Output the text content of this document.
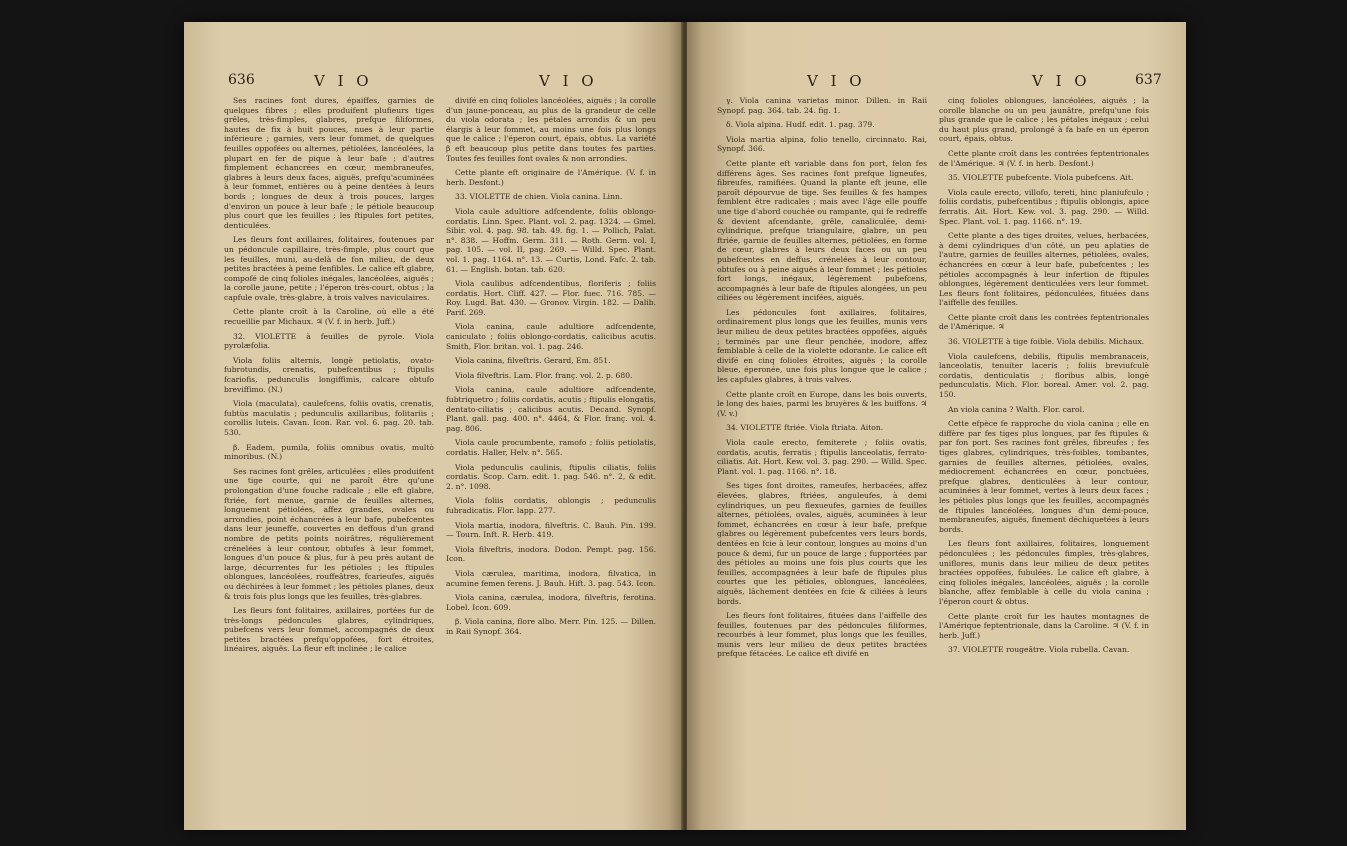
636	V I O	V I O

Ses racines font dures, épaiffes, garnies de quelques fibres ; elles produifent plufieurs tiges grêles, très-fimples, glabres, prefque filiformes, hautes de fix à huit pouces, nues à leur partie inférieure ; garnies, vers leur fommet, de quelques feuilles oppofées ou alternes, pétiolées, lancéolées, la plupart en fer de pique à leur bafe ; d'autres fimplement échancrées en cœur, membraneufes, glabres à leurs deux faces, aiguës, prefqu'acuminées à leur fommet, entières ou à peine dentées à leurs bords ; longues de deux à trois pouces, larges d'environ un pouce à leur bafe ; le pétiole beaucoup plus court que les feuilles ; les ftipules fort petites, denticulées.

Les fleurs font axillaires, folitaires, foutenues par un pédoncule capillaire, très-fimple, plus court que les feuilles, muni, au-delà de fon milieu, de deux petites bractées à peine fenfibles. Le calice eft glabre, compofé de cinq folioles inégales, lancéolées, aiguës ; la corolle jaune, petite ; l'éperon très-court, obtus ; la capfule ovale, très-glabre, à trois valves naviculaires.

Cette plante croît à la Caroline, où elle a été recueillie par Michaux. ♃ (V. f. in herb. Juff.)

32. VIOLETTE à feuilles de pyrole. Viola pyrolæfolia.

Viola foliis alternis, longè petiolatis, ovato-fubrotundis, crenatis, pubefcentibus ; ftipulis fcariofis, pedunculis longiffimis, calcare obtufo breviffimo. (N.)

Viola (maculata), caulefcens, foliis ovatis, crenatis, fubtùs maculatis ; pedunculis axillaribus, folitariis ; corollis luteis. Cavan. Icon. Rar. vol. 6. pag. 20. tab. 530.

β. Eadem, pumila, foliis omnibus ovatis, multò minoribus. (N.)

Ses racines font grêles, articulées ; elles produifent une tige courte, qui ne paroît être qu'une prolongation d'une fouche radicale ; elle eft glabre, ftriée, fort menue, garnie de feuilles alternes, longuement pétiolées, affez grandes, ovales ou arrondies, point échancrées à leur bafe, pubefcentes dans leur jeuneffe, couvertes en deffous d'un grand nombre de petits points noirâtres, régulièrement crénelées à leur contour, obtufes à leur fommet, longues d'un pouce & plus, fur à peu près autant de large, décurrentes fur les pétioles ; les ftipules oblongues, lancéolées, rouffeâtres, fcarieufes, aiguës ou déchirées à leur fommet ; les pétioles planes, deux & trois fois plus longs que les feuilles, très-glabres.

Les fleurs font folitaires, axillaires, portées fur de très-longs pédoncules glabres, cylindriques, pubefcens vers leur fommet, accompagnés de deux petites bractées prefqu'oppofées, fort étroites, linéaires, aiguës. La fleur eft inclinée ; le calice

divifé en cinq folioles lancéolées, aiguës ; la corolle d'un jaune-ponceau, au plus de la grandeur de celle du viola odorata ; les pétales arrondis & un peu élargis à leur fommet, au moins une fois plus longs que le calice ; l'éperon court, épais, obtus. La variété β eft beaucoup plus petite dans toutes fes parties. Toutes fes feuilles font ovales & non arrondies.

Cette plante eft originaire de l'Amérique. (V. f. in herb. Desfont.)

33. VIOLETTE de chien. Viola canina. Linn.

Viola caule adultiore adfcendente, foliis oblongo-cordatis. Linn. Spec. Plant. vol. 2. pag. 1324. — Gmel. Sibir. vol. 4. pag. 98. tab. 49. fig. 1. — Pollich, Palat. n°. 838. — Hoffm. Germ. 311. — Roth. Germ. vol. I, pag. 105. — vol. II, pag. 269. — Willd. Spec. Plant. vol. 1. pag. 1164. n°. 13. — Curtis, Lond. Fafc. 2. tab. 61. — English. botan. tab. 620.

Viola caulibus adfcendentibus, floriferis ; foliis cordatis. Hort. Cliff. 427. — Flor. fuec. 716. 785. — Roy. Lugd. Bat. 430. — Gronov. Virgin. 182. — Dalib. Parif. 269.

Viola canina, caule adultiore adfcendente, caniculato ; foliis oblongo-cordatis, calicibus acutis. Smith, Flor. britan. vol. 1. pag. 246.

Viola canina, filveftris. Gerard, Em. 851.

Viola filveftris. Lam. Flor. franç. vol. 2. p. 680.

Viola canina, caule adultiore adfcendente, fubtriquetro ; foliis cordatis, acutis ; ftipulis elongatis, dentato-ciliatis ; calicibus acutis. Decand. Synopf. Plant. gall. pag. 400. n°. 4464, & Flor. franç. vol. 4. pag. 806.

Viola caule procumbente, ramofo ; foliis petiolatis, cordatis. Haller, Helv. n°. 565.

Viola pedunculis caulinis, ftipulis ciliatis, foliis cordatis. Scop. Carn. edit. 1. pag. 546. n°. 2, & edit. 2. n°. 1098.

Viola foliis cordatis, oblongis ; pedunculis fubradicatis. Flor. lapp. 277.

Viola martia, inodora, filveftris. C. Bauh. Pin. 199. — Tourn. Inft. R. Herb. 419.

Viola filveftris, inodora. Dodon. Pempt. pag. 156. Icon.

Viola cærulea, maritima, inodora, filvatica, in acumine femen ferens. J. Bauh. Hift. 3. pag. 543. Icon.

Viola canina, cærulea, inodora, filveftris, ferotina. Lobel. Icon. 609.

β. Viola canina, flore albo. Merr. Pin. 125. — Dillen. in Raii Synopf. 364.

V I O	V I O	637

γ. Viola canina varietas minor. Dillen. in Raii Synopf. pag. 364. tab. 24. fig. 1.

δ. Viola alpina. Hudf. edit. 1. pag. 379.

Viola martia alpina, folio tenello, circinnato. Rai, Synopf. 366.

Cette plante eft variable dans fon port, felon fes différens âges. Ses racines font prefque ligneufes, fibreufes, ramifiées. Quand la plante eft jeune, elle paroît dépourvue de tige. Ses feuilles & fes hampes femblent être radicales ; mais avec l'âge elle pouffe une tige d'abord couchée ou rampante, qui fe redreffe & devient afcendante, grêle, canaliculée, demi-cylindrique, prefque triangulaire, glabre, un peu ftriée, garnie de feuilles alternes, pétiolées, en forme de cœur, glabres à leurs deux faces ou un peu pubefcentes en deffus, crénelées à leur contour, obtufes ou à peine aiguës à leur fommet ; les pétioles fort longs, inégaux, légèrement pubefcens, accompagnés à leur bafe de ftipules alongées, un peu ciliées ou légèrement incifées, aiguës.

Les pédoncules font axillaires, folitaires, ordinairement plus longs que les feuilles, munis vers leur milieu de deux petites bractées oppofées, aiguës ; terminés par une fleur penchée, inodore, affez femblable à celle de la violette odorante. Le calice eft divifé en cinq folioles étroites, aiguës ; la corolle bleue, éperonée, une fois plus longue que le calice ; les capfules glabres, à trois valves.

Cette plante croît en Europe, dans les bois ouverts, le long des haies, parmi les bruyères & les buiffons. ♃ (V. v.)

34. VIOLETTE ftriée. Viola ftriata. Aiton.

Viola caule erecto, femiterete ; foliis ovatis, cordatis, acutis, ferratis ; ftipulis lanceolatis, ferrato-ciliatis. Ait. Hort. Kew. vol. 3. pag. 290. — Willd. Spec. Plant. vol. 1. pag. 1166. n°. 18.

Ses tiges font droites, rameufes, herbacées, affez élevées, glabres, ftriées, anguleufes, à demi cylindriques, un peu flexueufes, garnies de feuilles alternes, pétiolées, ovales, aiguës, acuminées à leur fommet, échancrées en cœur à leur bafe, prefque glabres ou légèrement pubefcentes vers leurs bords, dentées en fcie à leur contour, longues au moins d'un pouce & demi, fur un pouce de large ; fupportées par des pétioles au moins une fois plus courts que les feuilles, accompagnées à leur bafe de ftipules plus courtes que les pétioles, oblongues, lancéolées, aiguës, lâchement dentées en fcie & ciliées à leurs bords.

Les fleurs font folitaires, fituées dans l'aiffelle des feuilles, foutenues par des pédoncules filiformes, recourbés à leur fommet, plus longs que les feuilles, munis vers leur milieu de deux petites bractées prefque fétacées. Le calice eft divifé en

cinq folioles oblongues, lancéolées, aiguës ; la corolle blanche ou un peu jaunâtre, prefqu'une fois plus grande que le calice ; les pétales inégaux ; celui du haut plus grand, prolongé à fa bafe en un éperon court, épais, obtus.

Cette plante croît dans les contrées feptentrionales de l'Amérique. ♃ (V. f. in herb. Desfont.)

35. VIOLETTE pubefcente. Viola pubefcens. Ait.

Viola caule erecto, villofo, tereti, hinc planiufculo ; foliis cordatis, pubefcentibus ; ftipulis oblongis, apice ferratis. Ait. Hort. Kew. vol. 3. pag. 290. — Willd. Spec. Plant. vol. 1. pag. 1166. n°. 19.

Cette plante a des tiges droites, velues, herbacées, à demi cylindriques d'un côté, un peu aplaties de l'autre, garnies de feuilles alternes, pétiolées, ovales, échancrées en cœur à leur bafe, pubefcentes ; les pétioles accompagnés à leur infertion de ftipules oblongues, légèrement denticulées vers leur fommet. Les fleurs font folitaires, pédonculées, fituées dans l'aiffelle des feuilles.

Cette plante croît dans les contrées feptentrionales de l'Amérique. ♃

36. VIOLETTE à tige foible. Viola debilis. Michaux.

Viola caulefcens, debilis, ftipulis membranaceis, lanceolatis, tenuiter laceris ; foliis breviufculè cordatis, denticulatis ; floribus albis, longè pedunculatis. Mich. Flor. boreal. Amer. vol. 2. pag. 150.

An viola canina ? Walth. Flor. carol.

Cette efpèce fe rapproche du viola canina ; elle en diffère par fes tiges plus longues, par fes ftipules & par fon port. Ses racines font grêles, fibreufes ; fes tiges glabres, cylindriques, très-foibles, tombantes, garnies de feuilles alternes, pétiolées, ovales, médiocrement échancrées en cœur, ponctuées, prefque glabres, denticulées à leur contour, acuminées à leur fommet, vertes à leurs deux faces ; les pétioles plus longs que les feuilles, accompagnés de ftipules lancéolées, longues d'un demi-pouce, membraneufes, aiguës, finement déchiquetées à leurs bords.

Les fleurs font axillaires, folitaires, longuement pédonculées ; les pédoncules fimples, très-glabres, uniflores, munis dans leur milieu de deux petites bractées oppofées, fubulées. Le calice eft glabre, à cinq folioles inégales, lancéolées, aiguës ; la corolle blanche, affez femblable à celle du viola canina ; l'éperon court & obtus.

Cette plante croît fur les hautes montagnes de l'Amérique feptentrionale, dans la Caroline. ♃ (V. f. in herb. Juff.)

37. VIOLETTE rougeâtre. Viola rubella. Cavan.
